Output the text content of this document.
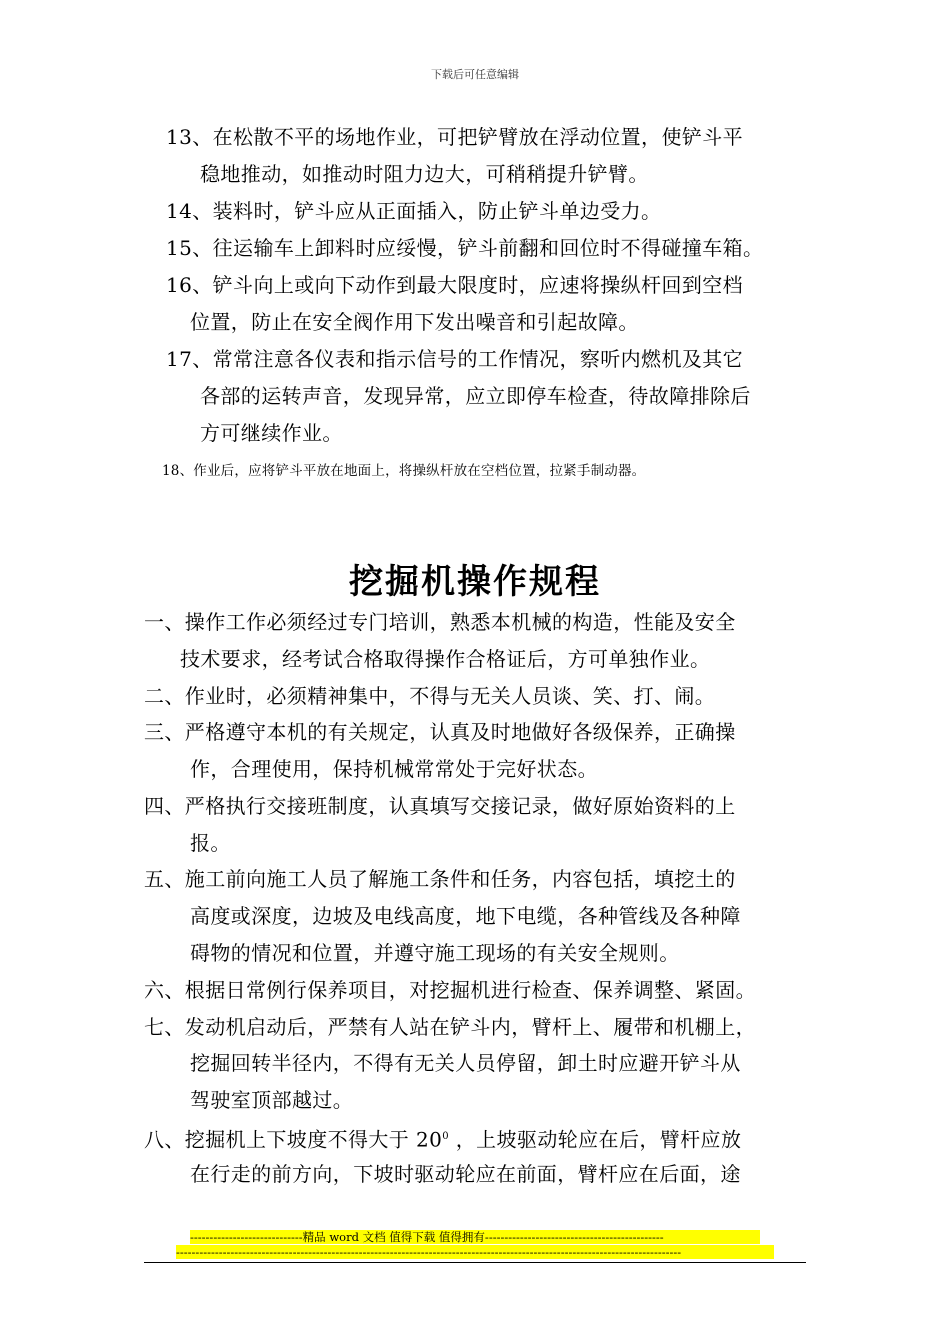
下载后可任意编辑
13、在松散不平的场地作业，可把铲臂放在浮动位置，使铲斗平
稳地推动，如推动时阻力边大，可稍稍提升铲臂。
14、装料时，铲斗应从正面插入，防止铲斗单边受力。
15、往运输车上卸料时应绥慢，铲斗前翻和回位时不得碰撞车箱。
16、铲斗向上或向下动作到最大限度时，应速将操纵杆回到空档
位置，防止在安全阀作用下发出噪音和引起故障。
17、常常注意各仪表和指示信号的工作情况，察听内燃机及其它
各部的运转声音，发现异常，应立即停车检查，待故障排除后
方可继续作业。
18、作业后，应将铲斗平放在地面上，将操纵杆放在空档位置，拉紧手制动器。
挖掘机操作规程
一、操作工作必须经过专门培训，熟悉本机械的构造，性能及安全
技术要求，经考试合格取得操作合格证后，方可单独作业。
二、作业时，必须精神集中，不得与无关人员谈、笑、打、闹。
三、严格遵守本机的有关规定，认真及时地做好各级保养，正确操
作，合理使用，保持机械常常处于完好状态。
四、严格执行交接班制度，认真填写交接记录，做好原始资料的上
报。
五、施工前向施工人员了解施工条件和任务，内容包括，填挖土的
高度或深度，边坡及电线高度，地下电缆，各种管线及各种障
碍物的情况和位置，并遵守施工现场的有关安全规则。
六、根据日常例行保养项目，对挖掘机进行检查、保养调整、紧固。
七、发动机启动后，严禁有人站在铲斗内，臂杆上、履带和机棚上，
挖掘回转半径内，不得有无关人员停留，卸土时应避开铲斗从
驾驶室顶部越过。
八、挖掘机上下坡度不得大于 $20^0$ ，上坡驱动轮应在后，臂杆应放
在行走的前方向，下坡时驱动轮应在前面，臂杆应在后面，途
-----------------------------精品 word 文档 值得下载 值得拥有----------------------------------------------
----------------------------------------------------------------------------------------------------------------------------------
